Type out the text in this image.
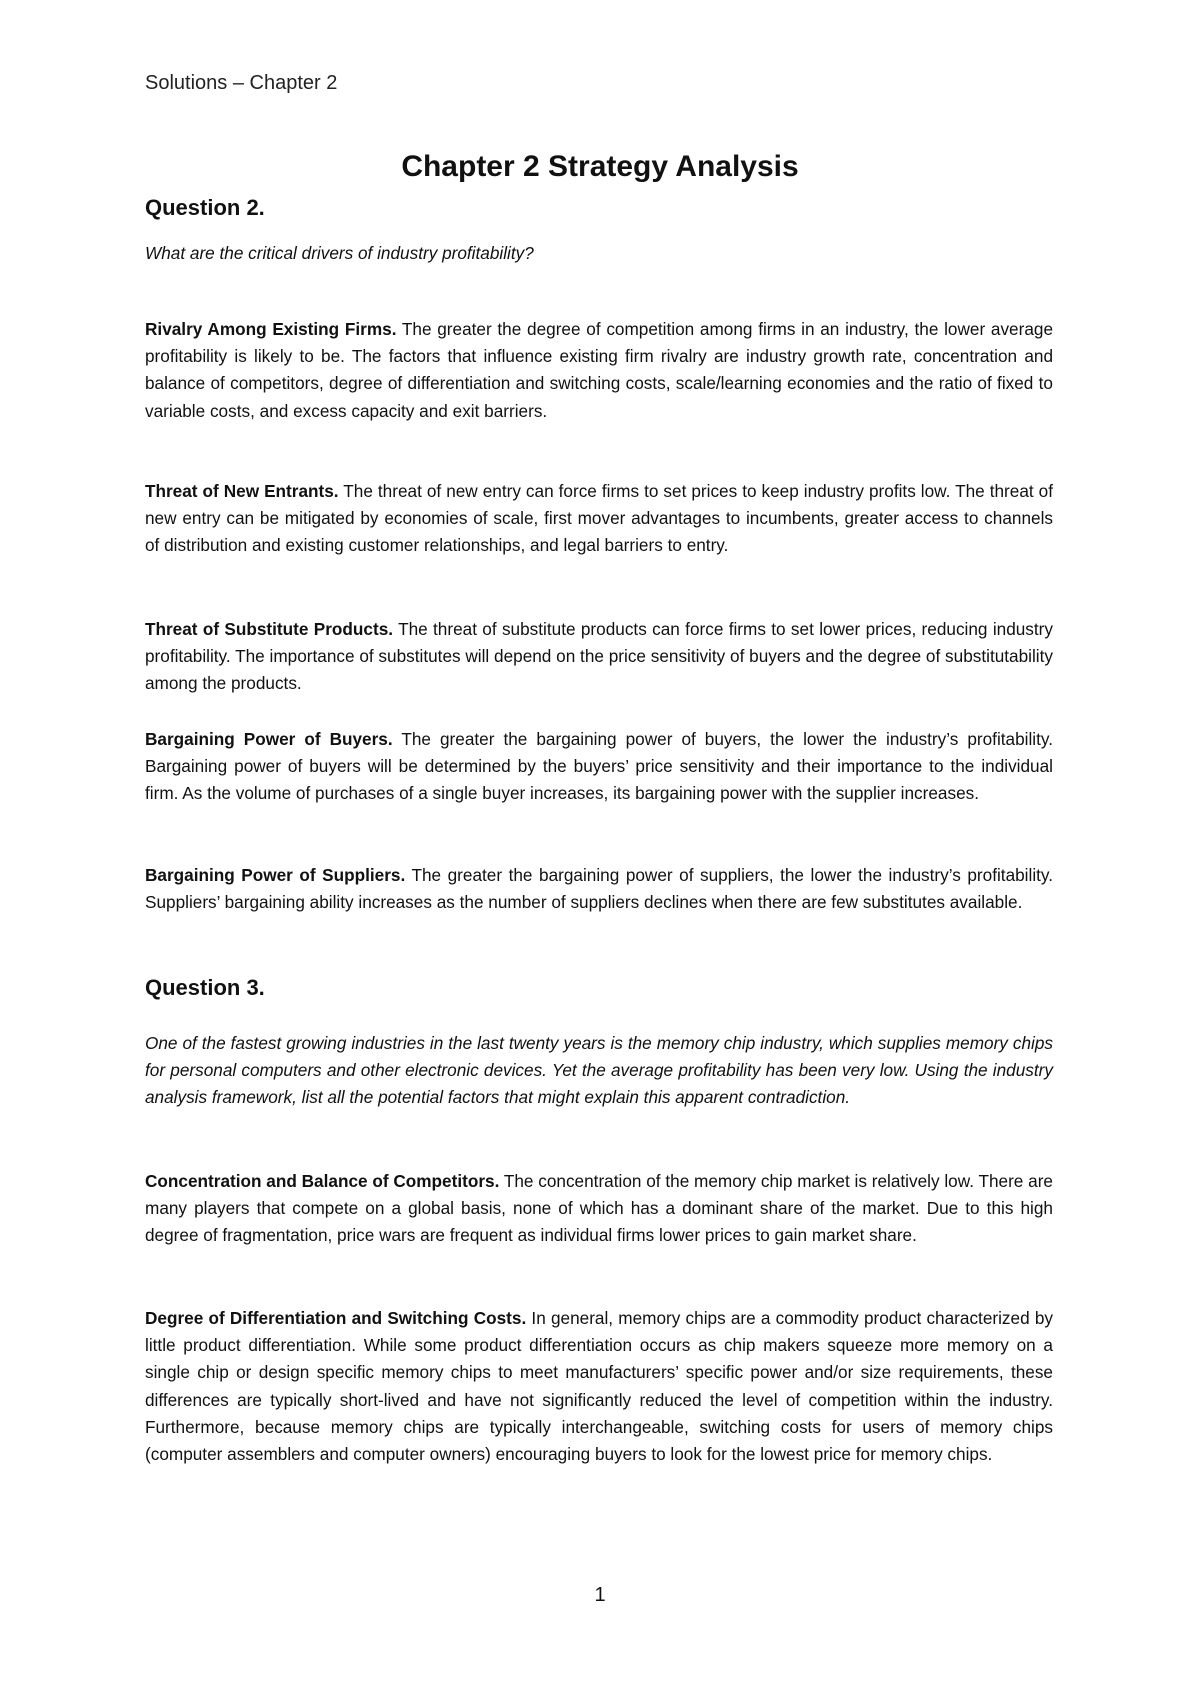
Solutions – Chapter 2
Chapter 2 Strategy Analysis
Question 2.
What are the critical drivers of industry profitability?
Rivalry Among Existing Firms. The greater the degree of competition among firms in an industry, the lower average profitability is likely to be. The factors that influence existing firm rivalry are industry growth rate, concentration and balance of competitors, degree of differentiation and switching costs, scale/learning economies and the ratio of fixed to variable costs, and excess capacity and exit barriers.
Threat of New Entrants. The threat of new entry can force firms to set prices to keep industry profits low. The threat of new entry can be mitigated by economies of scale, first mover advantages to incumbents, greater access to channels of distribution and existing customer relationships, and legal barriers to entry.
Threat of Substitute Products. The threat of substitute products can force firms to set lower prices, reducing industry profitability. The importance of substitutes will depend on the price sensitivity of buyers and the degree of substitutability among the products.
Bargaining Power of Buyers. The greater the bargaining power of buyers, the lower the industry’s profitability. Bargaining power of buyers will be determined by the buyers’ price sensitivity and their importance to the individual firm. As the volume of purchases of a single buyer increases, its bargaining power with the supplier increases.
Bargaining Power of Suppliers. The greater the bargaining power of suppliers, the lower the industry’s profitability. Suppliers’ bargaining ability increases as the number of suppliers declines when there are few substitutes available.
Question 3.
One of the fastest growing industries in the last twenty years is the memory chip industry, which supplies memory chips for personal computers and other electronic devices. Yet the average profitability has been very low. Using the industry analysis framework, list all the potential factors that might explain this apparent contradiction.
Concentration and Balance of Competitors. The concentration of the memory chip market is relatively low. There are many players that compete on a global basis, none of which has a dominant share of the market. Due to this high degree of fragmentation, price wars are frequent as individual firms lower prices to gain market share.
Degree of Differentiation and Switching Costs. In general, memory chips are a commodity product characterized by little product differentiation. While some product differentiation occurs as chip makers squeeze more memory on a single chip or design specific memory chips to meet manufacturers’ specific power and/or size requirements, these differences are typically short-lived and have not significantly reduced the level of competition within the industry. Furthermore, because memory chips are typically interchangeable, switching costs for users of memory chips (computer assemblers and computer owners) encouraging buyers to look for the lowest price for memory chips.
1
